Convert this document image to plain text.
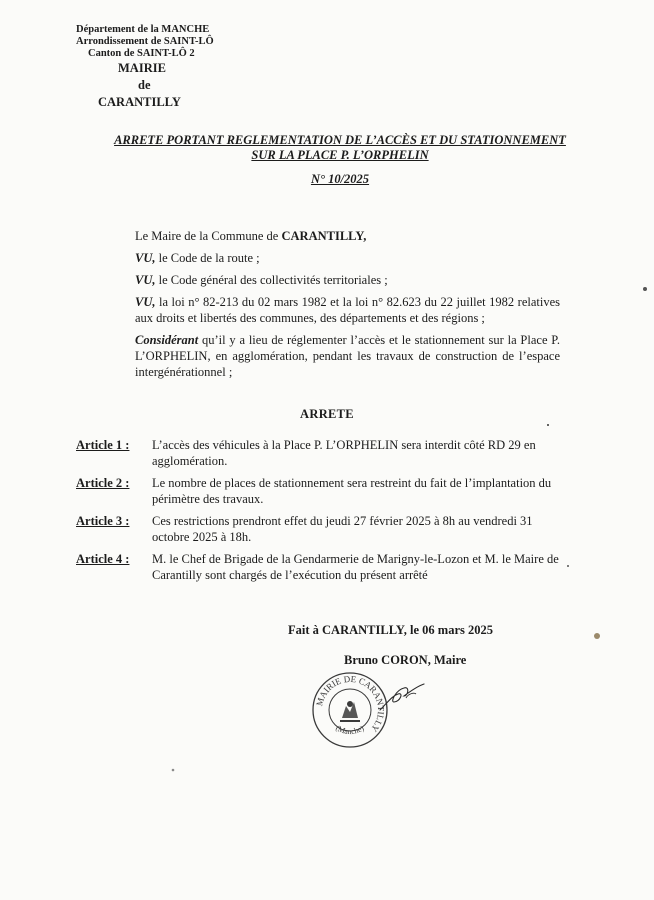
Département de la MANCHE
Arrondissement de SAINT-LÔ
Canton de SAINT-LÔ 2
MAIRIE
de
CARANTILLY
ARRETE PORTANT REGLEMENTATION DE L’ACCÈS ET DU STATIONNEMENT
SUR LA PLACE P. L’ORPHELIN
N° 10/2025

Le Maire de la Commune de CARANTILLY,

VU, le Code de la route ;

VU, le Code général des collectivités territoriales ;

VU, la loi n° 82-213 du 02 mars 1982 et la loi n° 82.623 du 22 juillet 1982 relatives aux droits et libertés des communes, des départements et des régions ;

Considérant qu’il y a lieu de réglementer l’accès et le stationnement sur la Place P. L’ORPHELIN, en agglomération, pendant les travaux de construction de l’espace intergénérationnel ;

ARRETE
Article 1 :	L’accès des véhicules à la Place P. L’ORPHELIN sera interdit côté RD 29 en agglomération.
Article 2 :	Le nombre de places de stationnement sera restreint du fait de l’implantation du périmètre des travaux.
Article 3 :	Ces restrictions prendront effet du jeudi 27 février 2025 à 8h au vendredi 31 octobre 2025 à 18h.
Article 4 :	M. le Chef de Brigade de la Gendarmerie de Marigny-le-Lozon et M. le Maire de Carantilly sont chargés de l’exécution du présent arrêté
Fait à CARANTILLY, le 06 mars 2025
Bruno CORON, Maire
MAIRIE DE CARANTILLY
(Manche)
